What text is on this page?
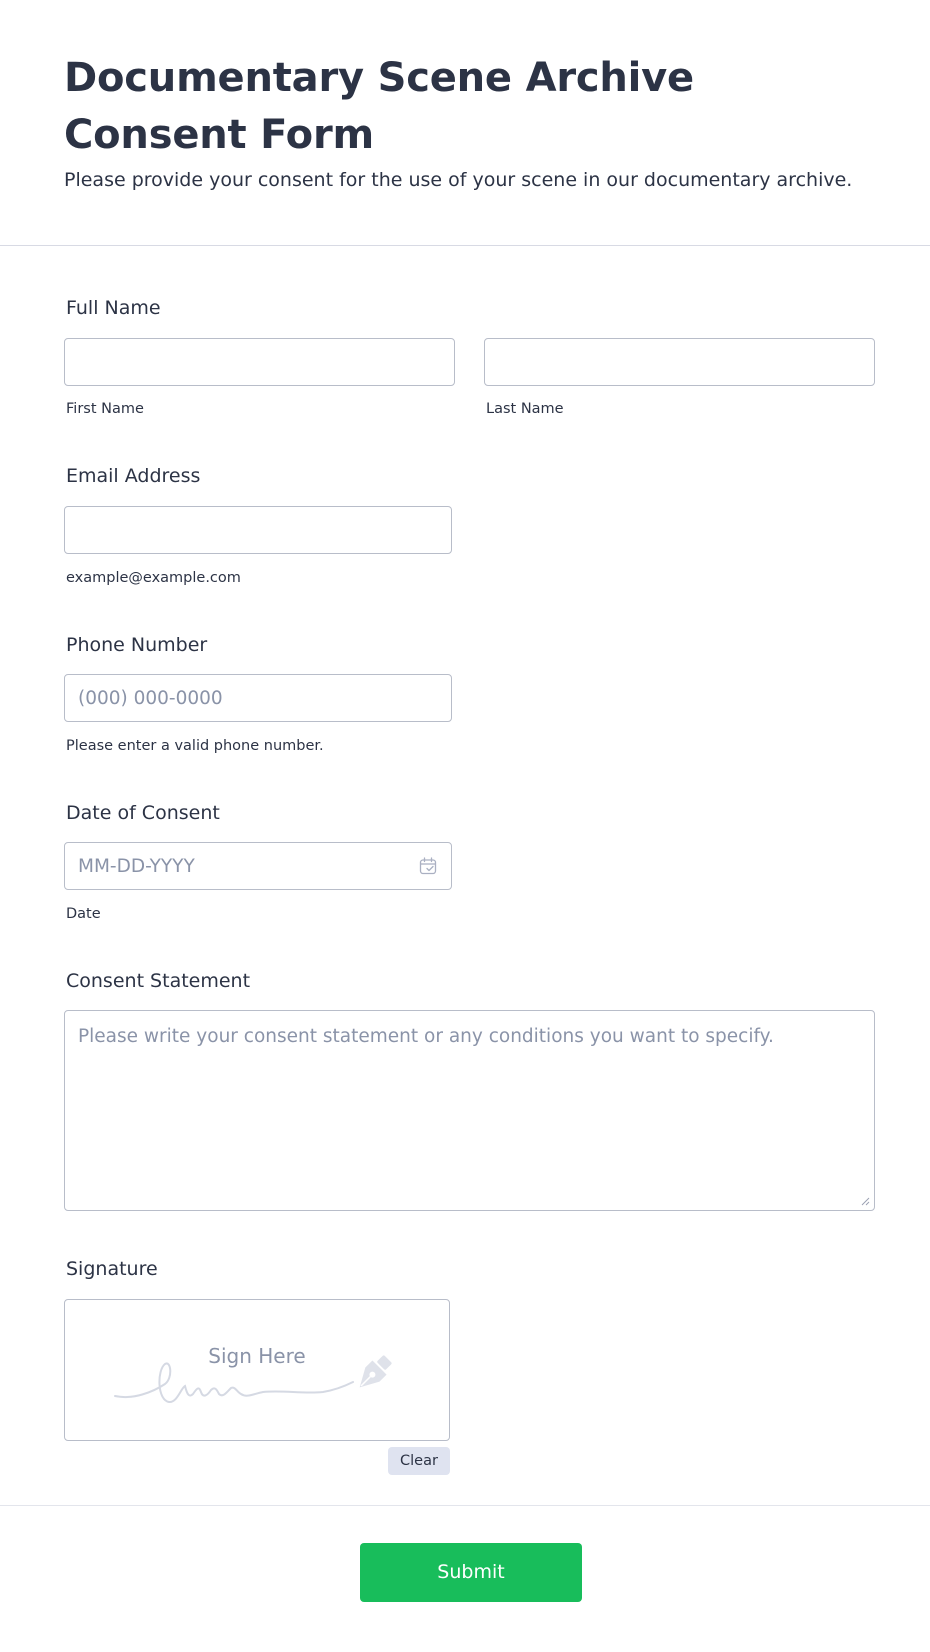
Documentary Scene Archive Consent Form

Please provide your consent for the use of your scene in our documentary archive.

Full Name
First Name	Last Name
Email Address
example@example.com
Phone Number
(000) 000-0000
Please enter a valid phone number.
Date of Consent
MM-DD-YYYY
Date
Consent Statement
Please write your consent statement or any conditions you want to specify.
Signature
Sign Here
Clear
Submit
